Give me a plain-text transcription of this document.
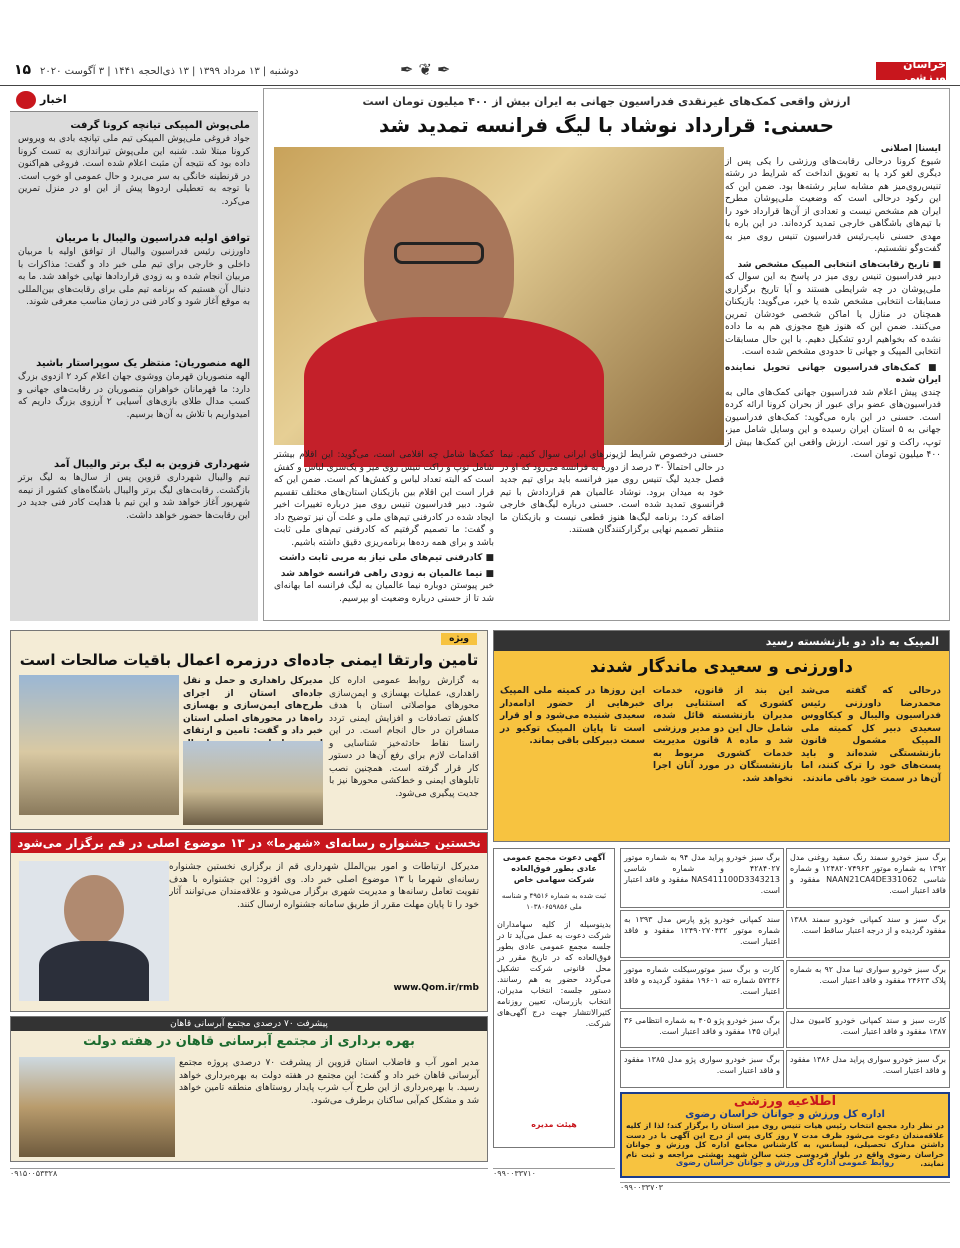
خراسان ورزشی
✒ ❦ ✒
دوشنبه | ۱۳ مرداد ۱۳۹۹ | ۱۳ ذی‌الحجه ۱۴۴۱ | ۳ آگوست ۲۰۲۰
۱۵
ارزش واقعی کمک‌های غیرنقدی فدراسیون جهانی به ایران بیش از ۴۰۰ میلیون تومان است
حسنی: قرارداد نوشاد با لیگ فرانسه تمدید شد

ایسنا| اصلانی

شیوع کرونا درحالی رقابت‌های ورزشی را یکی پس از دیگری لغو کرد یا به تعویق انداخت که شرایط در رشته تنیس‌روی‌میز هم مشابه سایر رشته‌ها بود. ضمن این که این رکود درحالی است که وضعیت ملی‌پوشان مطرح ایران هم مشخص نیست و تعدادی از آن‌ها قرارداد خود را با تیم‌های باشگاهی خارجی تمدید کرده‌اند. در این باره با مهدی حسنی نایب‌رئیس فدراسیون تنیس روی میز به گفت‌وگو نشستیم.

■ تاریخ رقابت‌های انتخابی المپیک مشخص شد

دبیر فدراسیون تنیس روی میز در پاسخ به این سوال که ملی‌پوشان در چه شرایطی هستند و آیا تاریخ برگزاری مسابقات انتخابی مشخص شده یا خیر، می‌گوید: بازیکنان همچنان در منازل یا اماکن شخصی خودشان تمرین می‌کنند. ضمن این که هنوز هیچ مجوزی هم به ما داده نشده که بخواهیم اردو تشکیل دهیم. با این حال مسابقات انتخابی المپیک و جهانی تا حدودی مشخص شده است.

■ کمک‌های فدراسیون جهانی تحویل نماینده ایران شده

چندی پیش اعلام شد فدراسیون جهانی کمک‌های مالی به فدراسیون‌های عضو برای عبور از بحران کرونا ارائه کرده است. حسنی در این باره می‌گوید: کمک‌های فدراسیون جهانی به ۵ استان ایران رسیده و این وسایل شامل میز، توپ، راکت و تور است. ارزش واقعی این کمک‌ها بیش از ۴۰۰ میلیون تومان است.

حسنی درخصوص شرایط لژیونرهای ایرانی سوال کنیم. نیما در حالی احتمالاً ۳۰ درصد از دوره به فرانسه می‌رود که او در فصل جدید لیگ تنیس روی میز فرانسه باید برای تیم جدید خود به میدان برود. نوشاد عالمیان هم قراردادش با تیم فرانسوی تمدید شده است. حسنی درباره لیگ‌های خارجی اضافه کرد: برنامه لیگ‌ها هنوز قطعی نیست و بازیکنان ما منتظر تصمیم نهایی برگزارکنندگان هستند.

کمک‌ها شامل چه اقلامی است، می‌گوید: این اقلام بیشتر شامل توپ و راکت تنیس روی میز و یک‌سری لباس و کفش است که البته تعداد لباس و کفش‌ها کم است. ضمن این که قرار است این اقلام بین بازیکنان استان‌های مختلف تقسیم شود. دبیر فدراسیون تنیس روی میز درباره تغییرات اخیر ایجاد شده در کادرفنی تیم‌های ملی و علت آن نیز توضیح داد و گفت: ما تصمیم گرفتیم که کادرفنی تیم‌های ملی ثابت باشد و برای همه رده‌ها برنامه‌ریزی دقیق داشته باشیم.

■ کادرفنی تیم‌های ملی نیاز به مربی ثابت داشت

■ نیما عالمیان به زودی راهی فرانسه خواهد شد

خبر پیوستن دوباره نیما عالمیان به لیگ فرانسه اما بهانه‌ای شد تا از حسنی درباره وضعیت او بپرسیم.

اخبار
ملی‌پوش المپیکی تیانچه کرونا گرفت
جواد فروغی ملی‌پوش المپیکی تیم ملی تپانچه بادی به ویروس کرونا مبتلا شد. شنبه این ملی‌پوش تیراندازی به تست کرونا داده بود که نتیجه آن مثبت اعلام شده است. فروغی هم‌اکنون در قرنطینه خانگی به سر می‌برد و حال عمومی او خوب است. با توجه به تعطیلی اردوها پیش از این او در منزل تمرین می‌کرد.
توافق اولیه فدراسیون والیبال با مربیان
داورزنی رئیس فدراسیون والیبال از توافق اولیه با مربیان داخلی و خارجی برای تیم ملی خبر داد و گفت: مذاکرات با مربیان انجام شده و به زودی قراردادها نهایی خواهد شد. ما به دنبال آن هستیم که برنامه تیم ملی برای رقابت‌های بین‌المللی به موقع آغاز شود و کادر فنی در زمان مناسب معرفی شوند.
الهه منصوریان: منتظر یک سوپر‌استار باشید
الهه منصوریان قهرمان ووشوی جهان اعلام کرد ۲ ازدوی بزرگ دارد: ما قهرمانان خواهران منصوریان در رقابت‌های جهانی و کسب مدال طلای بازی‌های آسیایی ۲ آرزوی بزرگ داریم که امیدواریم با تلاش به آن‌ها برسیم.
شهرداری قزوین به لیگ برتر والیبال آمد
تیم والیبال شهرداری قزوین پس از سال‌ها به لیگ برتر بازگشت. رقابت‌های لیگ برتر والیبال باشگاه‌های کشور از نیمه شهریور آغاز خواهد شد و این تیم با هدایت کادر فنی جدید در این رقابت‌ها حضور خواهد داشت.
المپیک به داد دو بازنشسته رسید
داورزنی و سعیدی ماندگار شدند
درحالی که گفته می‌شد محمدرضا داورزنی رئیس فدراسیون والیبال و کیکاووس سعیدی دبیر کل کمیته ملی المپیک مشمول قانون بازنشستگی شده‌اند و باید پست‌های خود را ترک کنند، اما آن‌ها در سمت خود باقی ماندند.
این بند از قانون، خدمات کشوری که استثنایی برای مدیران بازنشسته قائل شده، شامل حال این دو مدیر ورزشی شد و ماده ۸ قانون مدیریت خدمات کشوری مربوط به بازنشستگان در مورد آنان اجرا نخواهد شد.
این روزها در کمیته ملی المپیک خبرهایی از حضور ادامه‌دار سعیدی شنیده می‌شود و او قرار است تا پایان المپیک توکیو در سمت دبیرکلی باقی بماند.
ویژه
تامین وارتقا ایمنی جاده‌ای درزمره اعمال باقیات صالحات است
به گزارش روابط عمومی اداره کل راهداری، عملیات بهسازی و ایمن‌سازی محورهای مواصلاتی استان با هدف کاهش تصادفات و افزایش ایمنی تردد مسافران در حال انجام است. در این راستا نقاط حادثه‌خیز شناسایی و اقدامات لازم برای رفع آن‌ها در دستور کار قرار گرفته است. همچنین نصب تابلوهای ایمنی و خط‌کشی محورها نیز با جدیت پیگیری می‌شود.
مدیرکل راهداری و حمل و نقل جاده‌ای استان از اجرای طرح‌های ایمن‌سازی و بهسازی راه‌ها در محورهای اصلی استان خبر داد و گفت: تامین و ارتقای
نخستین جشنواره رسانه‌ای «شهرما» در ۱۳ موضوع اصلی در قم برگزار می‌شود
مدیرکل ارتباطات و امور بین‌الملل شهرداری قم از برگزاری نخستین جشنواره رسانه‌ای شهرما با ۱۳ موضوع اصلی خبر داد. وی افزود: این جشنواره با هدف تقویت تعامل رسانه‌ها و مدیریت شهری برگزار می‌شود و علاقه‌مندان می‌توانند آثار خود را تا پایان مهلت مقرر از طریق سامانه جشنواره ارسال کنند.
www.Qom.ir/rmb
پیشرفت ۷۰ درصدی مجتمع آبرسانی قاهان
بهره برداری از مجتمع آبرسانی قاهان در هفته دولت
مدیر امور آب و فاضلاب استان قزوین از پیشرفت ۷۰ درصدی پروژه مجتمع آبرسانی قاهان خبر داد و گفت: این مجتمع در هفته دولت به بهره‌برداری خواهد رسید. با بهره‌برداری از این طرح آب شرب پایدار روستاهای منطقه تامین خواهد شد و مشکل کم‌آبی ساکنان برطرف می‌شود.
آگهی دعوت مجمع عمومی عادی بطور فوق‌العاده شرکت سهامی خاص
ثبت شده به شماره ۴۹۵۱۶ و شناسه ملی ۱۰۳۸۰۶۵۹۸۵۶
بدینوسیله از کلیه سهامداران شرکت دعوت به عمل می‌آید تا در جلسه مجمع عمومی عادی بطور فوق‌العاده که در تاریخ مقرر در محل قانونی شرکت تشکیل می‌گردد حضور به هم رسانند. دستور جلسه: انتخاب مدیران، انتخاب بازرسان، تعیین روزنامه کثیرالانتشار جهت درج آگهی‌های شرکت.
هیئت مدیره
برگ سبز خودرو سمند رنگ سفید روغنی مدل ۱۳۹۲ به شماره موتور ۱۲۴۸۲۰۷۴۹۶۳ و شماره شاسی NAAN21CA4DE331062 مفقود و فاقد اعتبار است.
برگ سبز خودرو پراید مدل ۹۴ به شماره موتور ۴۲۸۴۰۲۷ و شماره شاسی NAS411100D3343213 مفقود و فاقد اعتبار است.
برگ سبز و سند کمپانی خودرو سمند ۱۳۸۸ مفقود گردیده و از درجه اعتبار ساقط است.
سند کمپانی خودرو پژو پارس مدل ۱۳۹۳ به شماره موتور ۱۲۴۹۰۲۷۰۴۳۲ مفقود و فاقد اعتبار است.
برگ سبز خودرو سواری تیبا مدل ۹۲ به شماره پلاک ۲۴۶۲۳ مفقود و فاقد اعتبار است.
کارت و برگ سبز موتورسیکلت شماره موتور ۵۷۲۳۶ شماره تنه ۱۹۶۰۱ مفقود گردیده و فاقد اعتبار است.
کارت سبز و سند کمپانی خودرو کامیون مدل ۱۳۸۷ مفقود و فاقد اعتبار است.
برگ سبز خودرو پژو ۴۰۵ به شماره انتظامی ۳۶ ایران ۱۴۵ مفقود و فاقد اعتبار است.
برگ سبز خودرو سواری پراید مدل ۱۳۸۶ مفقود و فاقد اعتبار است.
برگ سبز خودرو سواری پژو مدل ۱۳۸۵ مفقود و فاقد اعتبار است.
اطلاعیه ورزشی
اداره کل ورزش و جوانان خراسان رضوی
در نظر دارد مجمع انتخاب رئیس هیات تنیس روی میز استان را برگزار کند؛ لذا از کلیه علاقه‌مندان دعوت می‌شود ظرف مدت ۷ روز کاری پس از درج این آگهی با در دست داشتن مدارک تحصیلی، لیسانس، به کارشناس مجامع اداره کل ورزش و جوانان خراسان رضوی واقع در بلوار فردوسی جنب سالن شهید بهشتی مراجعه و ثبت نام نمایند.
روابط عمومی اداره کل ورزش و جوانان خراسان رضوی
۰۹۱۵۰۰۵۳۳۲۸	۰۹۹۰۰۳۳۷۱۰
۰۹۹۰۰۳۳۷۰۳
